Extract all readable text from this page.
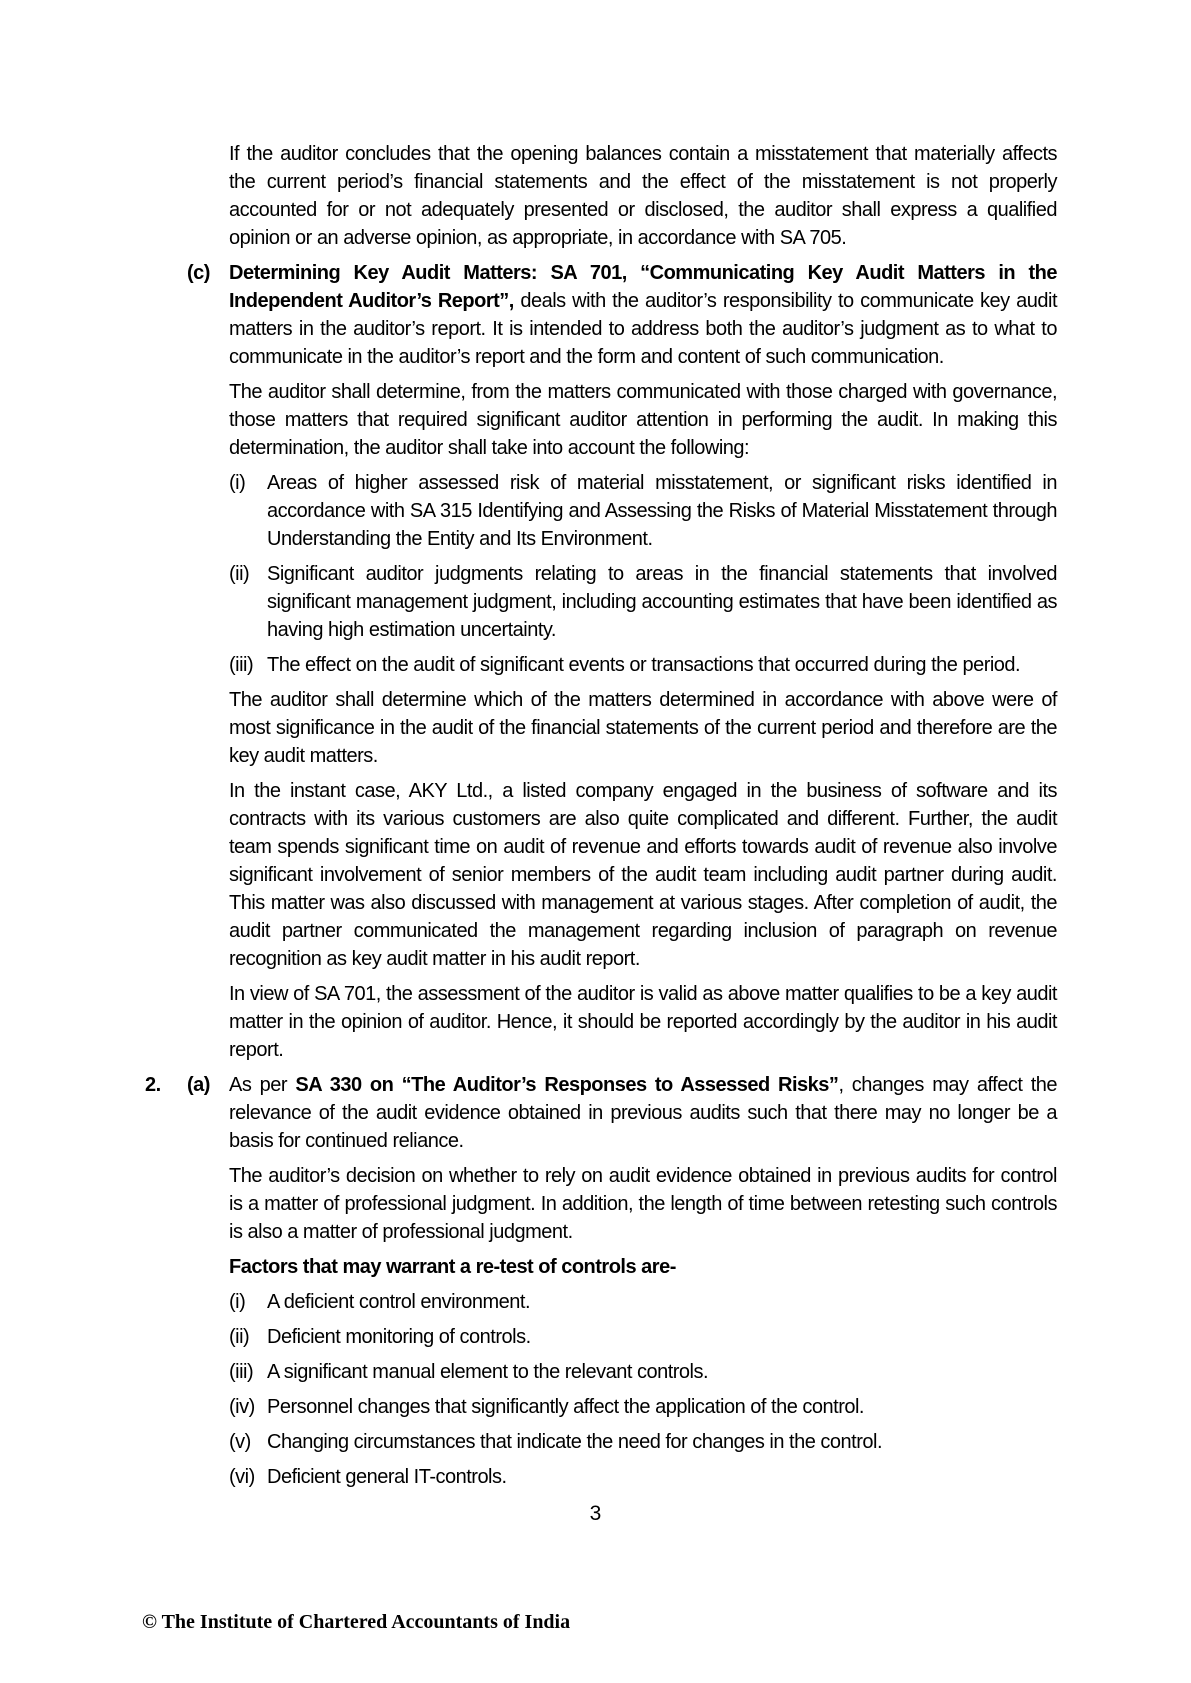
If the auditor concludes that the opening balances contain a misstatement that materially affects the current period’s financial statements and the effect of the misstatement is not properly accounted for or not adequately presented or disclosed, the auditor shall express a qualified opinion or an adverse opinion, as appropriate, in accordance with SA 705.

(c) Determining Key Audit Matters: SA 701, “Communicating Key Audit Matters in the Independent Auditor’s Report”, deals with the auditor’s responsibility to communicate key audit matters in the auditor’s report. It is intended to address both the auditor’s judgment as to what to communicate in the auditor’s report and the form and content of such communication.

The auditor shall determine, from the matters communicated with those charged with governance, those matters that required significant auditor attention in performing the audit. In making this determination, the auditor shall take into account the following:

(i)	Areas of higher assessed risk of material misstatement, or significant risks identified in accordance with SA 315 Identifying and Assessing the Risks of Material Misstatement through Understanding the Entity and Its Environment.
(ii) Significant auditor judgments relating to areas in the financial statements that involved significant management judgment, including accounting estimates that have been identified as having high estimation uncertainty.
(iii) The effect on the audit of significant events or transactions that occurred during the period.

The auditor shall determine which of the matters determined in accordance with above were of most significance in the audit of the financial statements of the current period and therefore are the key audit matters.

In the instant case, AKY Ltd., a listed company engaged in the business of software and its contracts with its various customers are also quite complicated and different. Further, the audit team spends significant time on audit of revenue and efforts towards audit of revenue also involve significant involvement of senior members of the audit team including audit partner during audit. This matter was also discussed with management at various stages. After completion of audit, the audit partner communicated the management regarding inclusion of paragraph on revenue recognition as key audit matter in his audit report.

In view of SA 701, the assessment of the auditor is valid as above matter qualifies to be a key audit matter in the opinion of auditor. Hence, it should be reported accordingly by the auditor in his audit report.

2.	(a) As per SA 330 on “The Auditor’s Responses to Assessed Risks”, changes may affect the relevance of the audit evidence obtained in previous audits such that there may no longer be a basis for continued reliance.

The auditor’s decision on whether to rely on audit evidence obtained in previous audits for control is a matter of professional judgment. In addition, the length of time between retesting such controls is also a matter of professional judgment.

Factors that may warrant a re-test of controls are-

(i)	A deficient control environment.
(ii) Deficient monitoring of controls.
(iii) A significant manual element to the relevant controls.
(iv) Personnel changes that significantly affect the application of the control.
(v) Changing circumstances that indicate the need for changes in the control.
(vi) Deficient general IT-controls.
3
© The Institute of Chartered Accountants of India
